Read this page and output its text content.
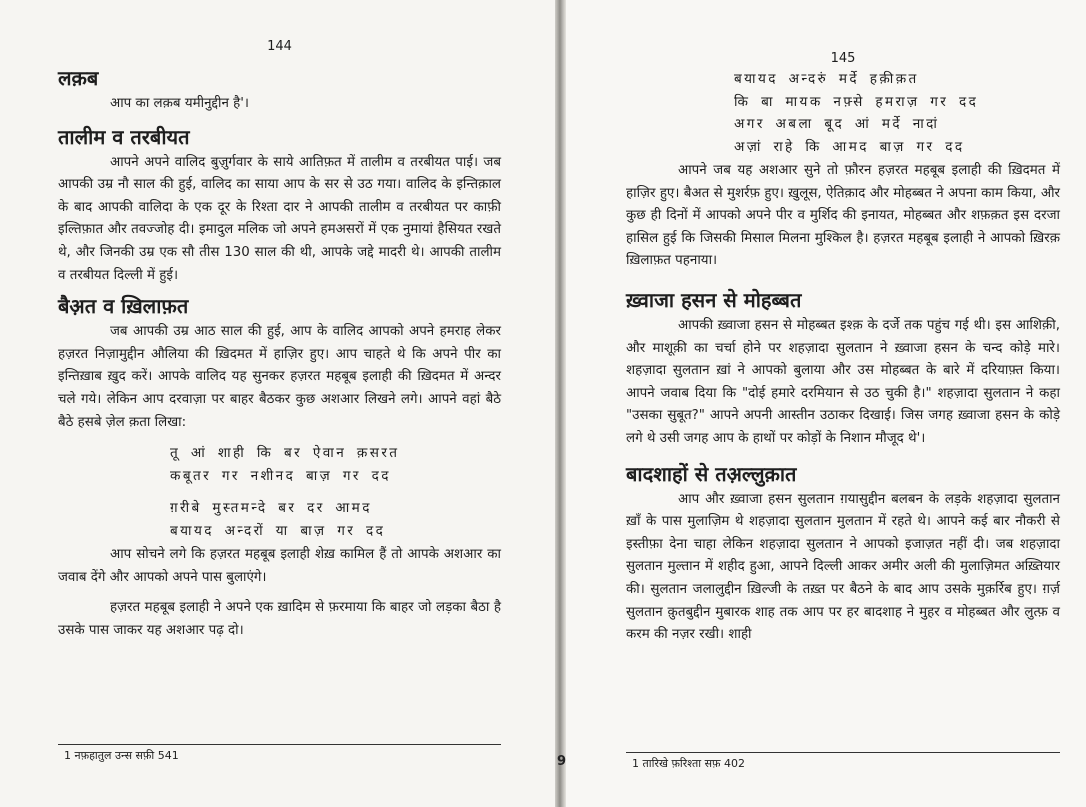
144
लक़ब

आप का लक़ब यमीनुद्दीन है'।

तालीम व तरबीयत

आपने अपने वालिद बुज़ुर्गवार के साये आतिफ़त में तालीम व तरबीयत पाई। जब आपकी उम्र नौ साल की हुई, वालिद का साया आप के सर से उठ गया। वालिद के इन्तिक़ाल के बाद आपकी वालिदा के एक दूर के रिश्ता दार ने आपकी तालीम व तरबीयत पर काफ़ी इल्तिफ़ात और तवज्जोह दी। इमादुल मलिक जो अपने हमअसरों में एक नुमायां हैसियत रखते थे, और जिनकी उम्र एक सौ तीस 130 साल की थी, आपके जद्दे मादरी थे। आपकी तालीम व तरबीयत दिल्ली में हुई।

बैअ़त व ख़िलाफ़त

जब आपकी उम्र आठ साल की हुई, आप के वालिद आपको अपने हमराह लेकर हज़रत निज़ामुद्दीन औलिया की ख़िदमत में हाज़िर हुए। आप चाहते थे कि अपने पीर का इन्तिख़ाब ख़ुद करें। आपके वालिद यह सुनकर हज़रत महबूब इलाही की ख़िदमत में अन्दर चले गये। लेकिन आप दरवाज़ा पर बाहर बैठकर कुछ अशआर लिखने लगे। आपने वहां बैठे बैठे हसबे ज़ेल क़ता लिखा:

तू आं शाही कि बर ऐवान क़सरत
कबूतर गर नशीनद बाज़ गर दद
ग़रीबे मुस्तमन्दे बर दर आमद
बयायद अन्दरों या बाज़ गर दद

आप सोचने लगे कि हज़रत महबूब इलाही शेख़ कामिल हैं तो आपके अशआर का जवाब देंगे और आपको अपने पास बुलाएंगे।

हज़रत महबूब इलाही ने अपने एक ख़ादिम से फ़रमाया कि बाहर जो लड़का बैठा है उसके पास जाकर यह अशआर पढ़ दो।

1 नफ़हातुल उन्स सफ़ी 541	9
145
बयायद अन्दरुं मर्दे हक़ीक़त
कि बा मायक नफ़्से हमराज़ गर दद
अगर अबला बूद आं मर्दे नादां
अज़ां राहे कि आमद बाज़ गर दद

आपने जब यह अशआर सुने तो फ़ौरन हज़रत महबूब इलाही की ख़िदमत में हाज़िर हुए। बैअत से मुशर्रफ़ हुए। ख़ुलूस, ऐतिक़ाद और मोहब्बत ने अपना काम किया, और कुछ ही दिनों में आपको अपने पीर व मुर्शिद की इनायत, मोहब्बत और शफ़क़त इस दरजा हासिल हुई कि जिसकी मिसाल मिलना मुश्किल है। हज़रत महबूब इलाही ने आपको ख़िरक़ ख़िलाफ़त पहनाया।

ख़्वाजा हसन से मोहब्बत

आपकी ख़्वाजा हसन से मोहब्बत इश्क़ के दर्जे तक पहुंच गई थी। इस आशिक़ी, और माशूक़ी का चर्चा होने पर शहज़ादा सुलतान ने ख़्वाजा हसन के चन्द कोड़े मारे। शहज़ादा सुलतान ख़ां ने आपको बुलाया और उस मोहब्बत के बारे में दरियाफ़्त किया। आपने जवाब दिया कि "दोई हमारे दरमियान से उठ चुकी है।" शहज़ादा सुलतान ने कहा "उसका सुबूत?" आपने अपनी आस्तीन उठाकर दिखाई। जिस जगह ख़्वाजा हसन के कोड़े लगे थे उसी जगह आप के हाथों पर कोड़ों के निशान मौजूद थे'।

बादशाहों से तअ़ल्लुक़ात

आप और ख़्वाजा हसन सुलतान ग़यासुद्दीन बलबन के लड़के शहज़ादा सुलतान ख़ाँ के पास मुलाज़िम थे शहज़ादा सुलतान मुलतान में रहते थे। आपने कई बार नौकरी से इस्तीफ़ा देना चाहा लेकिन शहज़ादा सुलतान ने आपको इजाज़त नहीं दी। जब शहज़ादा सुलतान मुल्तान में शहीद हुआ, आपने दिल्ली आकर अमीर अली की मुलाज़िमत अख़्तियार की। सुलतान जलालुद्दीन ख़िल्जी के तख़्त पर बैठने के बाद आप उसके मुक़र्रिब हुए। ग़र्ज़ सुलतान क़ुतबुद्दीन मुबारक शाह तक आप पर हर बादशाह ने मुहर व मोहब्बत और लुत्फ़ व करम की नज़र रखी। शाही

1 तारिखे फ़रिश्ता सफ़ 402
